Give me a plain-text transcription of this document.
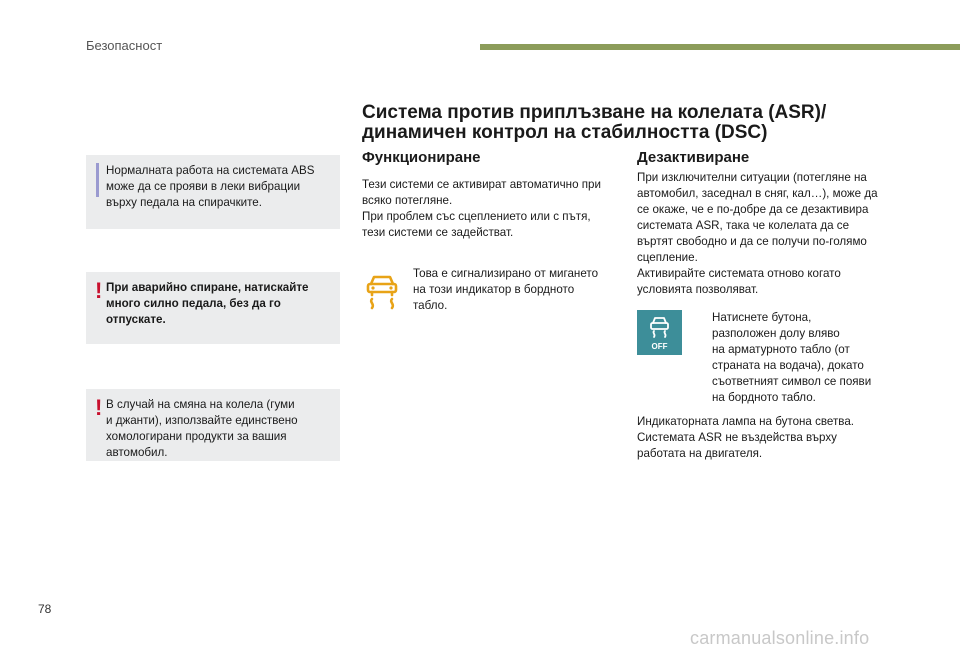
Безопасност
Нормалната работа на системата ABS
може да се прояви в леки вибрации
върху педала на спирачките.
! При аварийно спиране, натискайте
много силно педала, без да го
отпускате.
! В случай на смяна на колела (гуми
и джанти), използвайте единствено
хомологирани продукти за вашия
автомобил.
Система против приплъзване на колелата (ASR)/
динамичен контрол на стабилността (DSC)
Функциониране
Тези системи се активират автоматично при
всяко потегляне.
При проблем със сцеплението или с пътя,
тези системи се задействат.
Това е сигнализирано от мигането
на този индикатор в бордното
табло.
Дезактивиране
При изключителни ситуации (потегляне на
автомобил, заседнал в сняг, кал…), може да
се окаже, че е по-добре да се дезактивира
системата ASR, така че колелата да се
въртят свободно и да се получи по-голямо
сцепление.
Активирайте системата отново когато
условията позволяват.
OFF
Натиснете бутона,
разположен долу вляво
на арматурното табло (от
страната на водача), докато
съответният символ се появи
на бордното табло.
Индикаторната лампа на бутона светва.
Системата ASR не въздейства върху
работата на двигателя.
78
carmanualsonline.info
